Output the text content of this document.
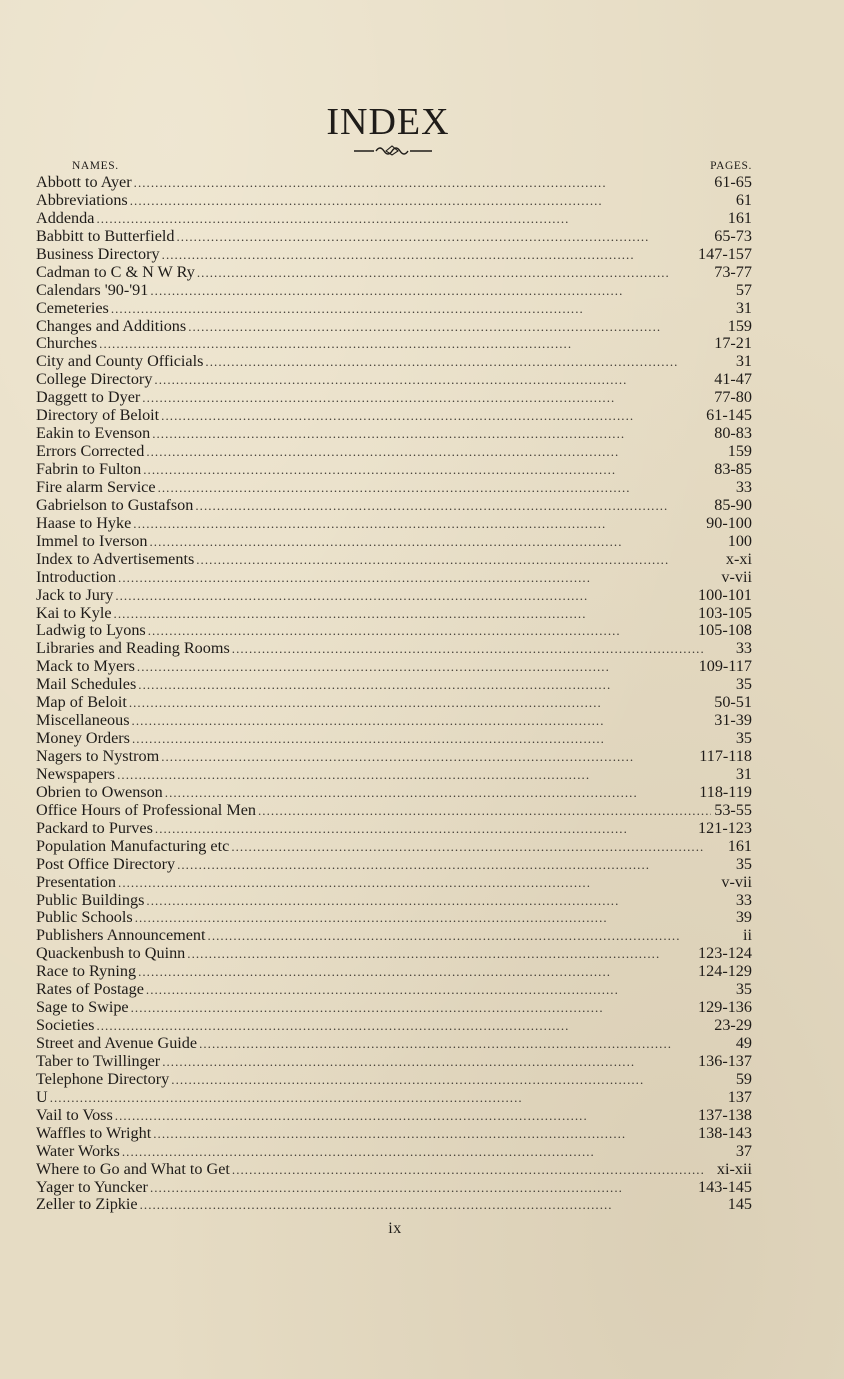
INDEX
NAMES.	PAGES.
Abbott to Ayer . . .	61-65
Abbreviations . . .	61
Addenda . . .	161
Babbitt to Butterfield . . .	65-73
Business Directory . . .	147-157
Cadman to C & N W Ry . . .	73-77
Calendars '90-'91 . . .	57
Cemeteries . . .	31
Changes and Additions . . .	159
Churches . . .	17-21
City and County Officials . . .	31
College Directory . . .	41-47
Daggett to Dyer . . .	77-80
Directory of Beloit . . .	61-145
Eakin to Evenson . . .	80-83
Errors Corrected . . .	159
Fabrin to Fulton . . .	83-85
Fire alarm Service . . .	33
Gabrielson to Gustafson . . .	85-90
Haase to Hyke . . .	90-100
Immel to Iverson . . .	100
Index to Advertisements . . .	x-xi
Introduction . . .	v-vii
Jack to Jury . . .	100-101
Kai to Kyle . . .	103-105
Ladwig to Lyons . . .	105-108
Libraries and Reading Rooms . . .	33
Mack to Myers . . .	109-117
Mail Schedules . . .	35
Map of Beloit . . .	50-51
Miscellaneous . . .	31-39
Money Orders . . .	35
Nagers to Nystrom . . .	117-118
Newspapers . . .	31
Obrien to Owenson . . .	118-119
Office Hours of Professional Men . . .	53-55
Packard to Purves . . .	121-123
Population Manufacturing etc . . .	161
Post Office Directory . . .	35
Presentation . . .	v-vii
Public Buildings . . .	33
Public Schools . . .	39
Publishers Announcement . . .	ii
Quackenbush to Quinn . . .	123-124
Race to Ryning . . .	124-129
Rates of Postage . . .	35
Sage to Swipe . . .	129-136
Societies . . .	23-29
Street and Avenue Guide . . .	49
Taber to Twillinger . . .	136-137
Telephone Directory . . .	59
U . . .	137
Vail to Voss . . .	137-138
Waffles to Wright . . .	138-143
Water Works . . .	37
Where to Go and What to Get . . .	xi-xii
Yager to Yuncker . . .	143-145
Zeller to Zipkie . . .	145
ix
